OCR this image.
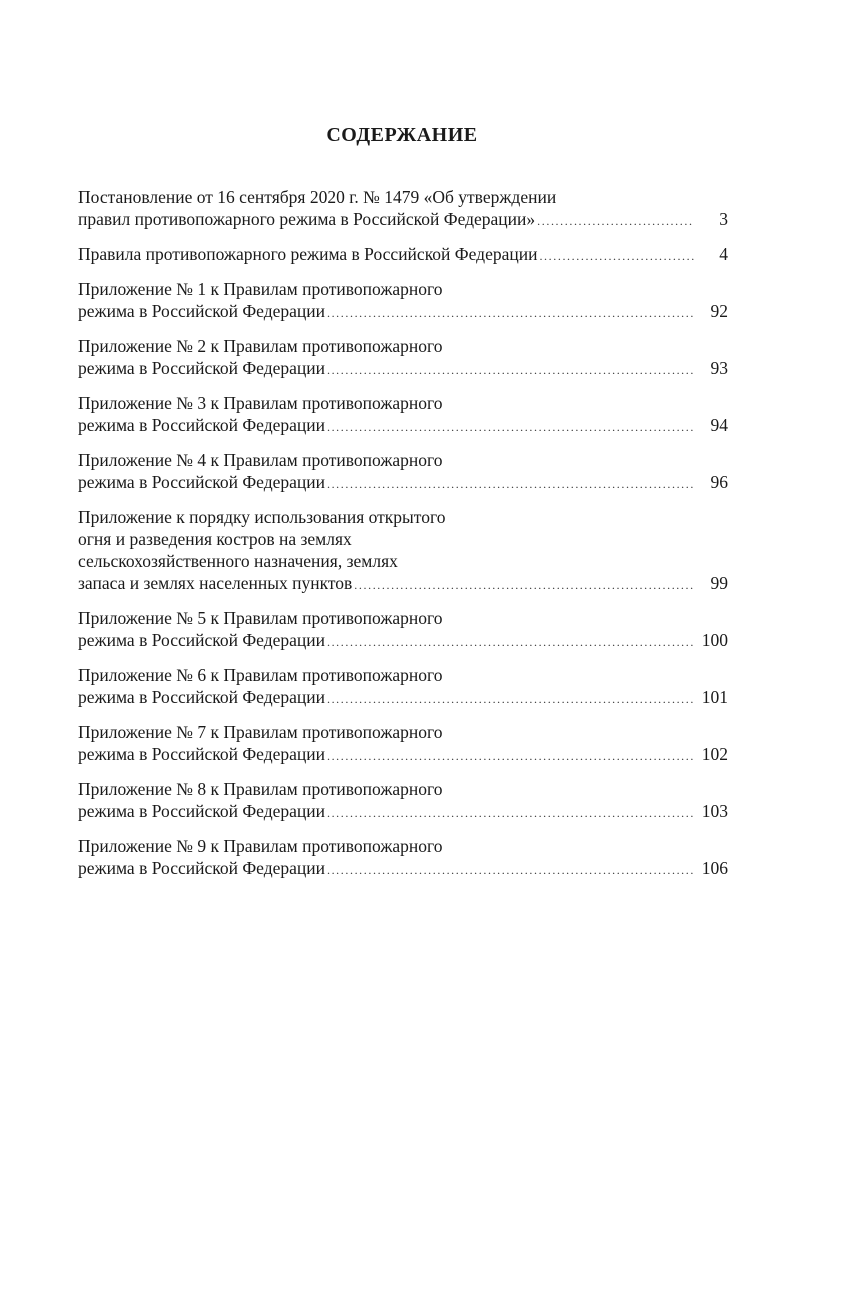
СОДЕРЖАНИЕ
Постановление от 16 сентября 2020 г. № 1479 «Об утверждении
правил противопожарного режима в Российской Федерации» .....	3
Правила противопожарного режима в Российской Федерации .....	4
Приложение № 1 к Правилам противопожарного
режима в Российской Федерации .....	92
Приложение № 2 к Правилам противопожарного
режима в Российской Федерации .....	93
Приложение № 3 к Правилам противопожарного
режима в Российской Федерации .....	94
Приложение № 4 к Правилам противопожарного
режима в Российской Федерации .....	96
Приложение к порядку использования открытого
огня и разведения костров на землях
сельскохозяйственного назначения, землях
запаса и землях населенных пунктов .....	99
Приложение № 5 к Правилам противопожарного
режима в Российской Федерации .....	100
Приложение № 6 к Правилам противопожарного
режима в Российской Федерации .....	101
Приложение № 7 к Правилам противопожарного
режима в Российской Федерации .....	102
Приложение № 8 к Правилам противопожарного
режима в Российской Федерации .....	103
Приложение № 9 к Правилам противопожарного
режима в Российской Федерации .....	106
